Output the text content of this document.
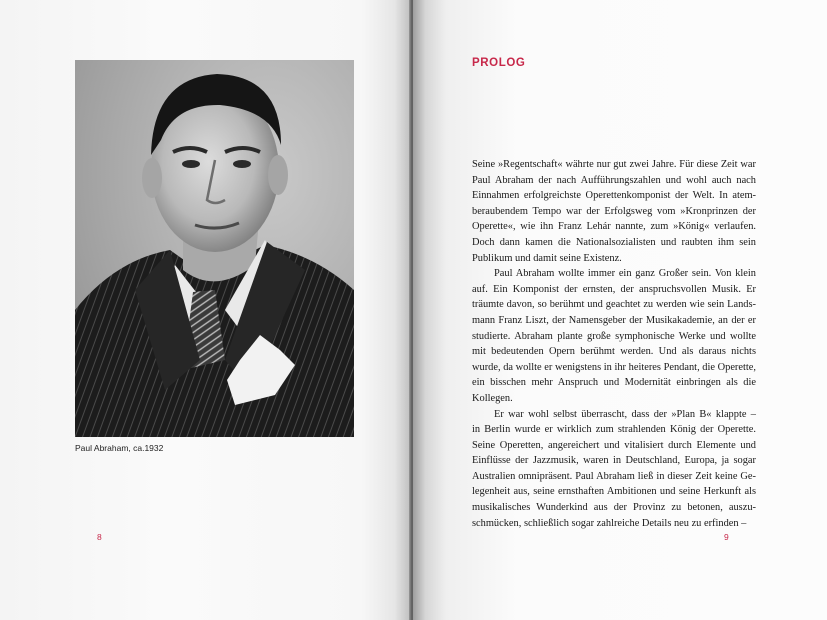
Paul Abraham, ca.1932
8
PROLOG
Seine »Regentschaft« währte nur gut zwei Jahre. Für diese Zeit war
Paul Abraham der nach Aufführungszahlen und wohl auch nach
Einnahmen erfolgreichste Operettenkomponist der Welt. In atem-
beraubendem Tempo war der Erfolgsweg vom »Kronprinzen der
Operette«, wie ihn Franz Lehár nannte, zum »König« verlaufen.
Doch dann kamen die Nationalsozialisten und raubten ihm sein
Publikum und damit seine Existenz.
Paul Abraham wollte immer ein ganz Großer sein. Von klein
auf. Ein Komponist der ernsten, der anspruchsvollen Musik. Er
träumte davon, so berühmt und geachtet zu werden wie sein Lands-
mann Franz Liszt, der Namensgeber der Musikakademie, an der er
studierte. Abraham plante große symphonische Werke und wollte
mit bedeutenden Opern berühmt werden. Und als daraus nichts
wurde, da wollte er wenigstens in ihr heiteres Pendant, die Operette,
ein bisschen mehr Anspruch und Modernität einbringen als die
Kollegen.
Er war wohl selbst überrascht, dass der »Plan B« klappte –
in Berlin wurde er wirklich zum strahlenden König der Operette.
Seine Operetten, angereichert und vitalisiert durch Elemente und
Einflüsse der Jazzmusik, waren in Deutschland, Europa, ja sogar
Australien omnipräsent. Paul Abraham ließ in dieser Zeit keine Ge-
legenheit aus, seine ernsthaften Ambitionen und seine Herkunft als
musikalisches Wunderkind aus der Provinz zu betonen, auszu-
schmücken, schließlich sogar zahlreiche Details neu zu erfinden –
9
